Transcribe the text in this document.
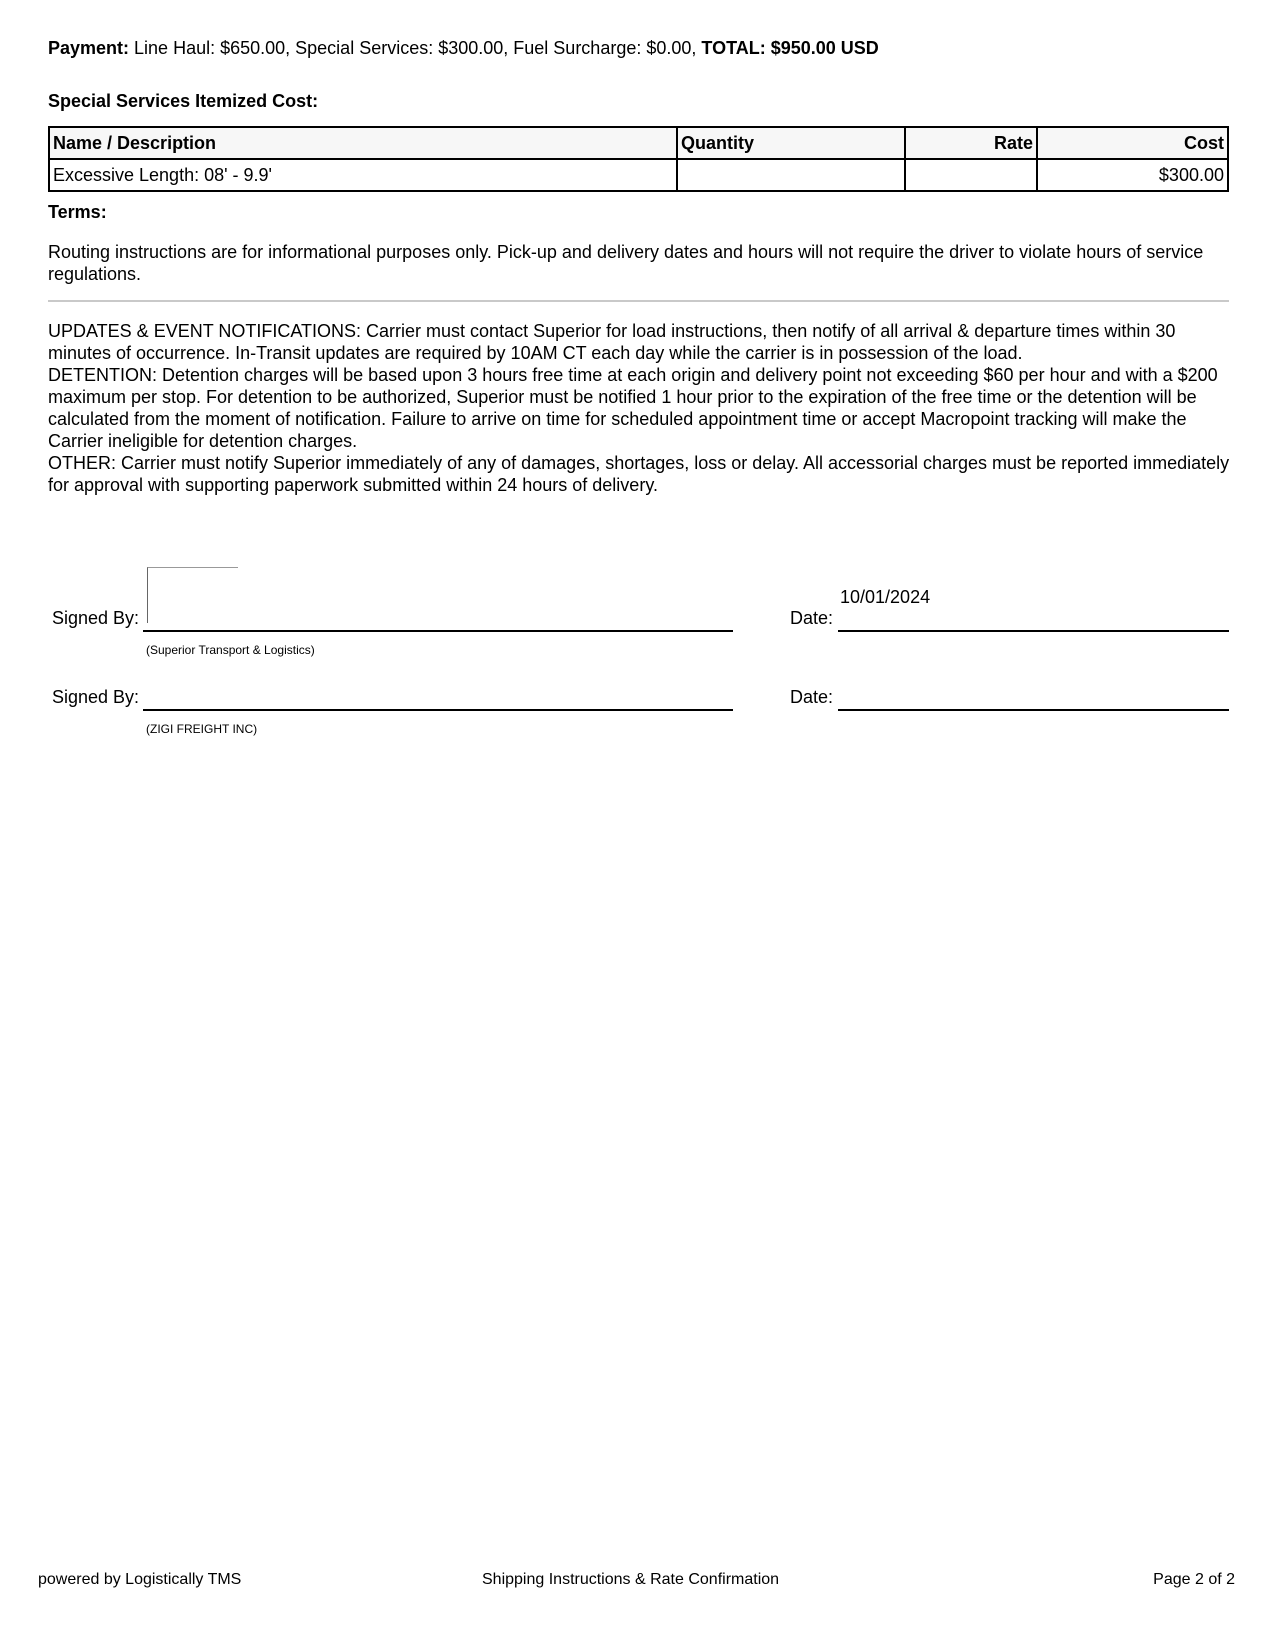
Payment: Line Haul: $650.00, Special Services: $300.00, Fuel Surcharge: $0.00, TOTAL: $950.00 USD
Special Services Itemized Cost:
Name / Description	Quantity	Rate	Cost
Excessive Length: 08' - 9.9'			$300.00
Terms:
Routing instructions are for informational purposes only. Pick-up and delivery dates and hours will not require the driver to violate hours of service regulations.

UPDATES & EVENT NOTIFICATIONS: Carrier must contact Superior for load instructions, then notify of all arrival & departure times within 30 minutes of occurrence. In-Transit updates are required by 10AM CT each day while the carrier is in possession of the load.

DETENTION: Detention charges will be based upon 3 hours free time at each origin and delivery point not exceeding $60 per hour and with a $200 maximum per stop. For detention to be authorized, Superior must be notified 1 hour prior to the expiration of the free time or the detention will be calculated from the moment of notification. Failure to arrive on time for scheduled appointment time or accept Macropoint tracking will make the Carrier ineligible for detention charges.

OTHER: Carrier must notify Superior immediately of any of damages, shortages, loss or delay. All accessorial charges must be reported immediately for approval with supporting paperwork submitted within 24 hours of delivery.

Signed By:
(Superior Transport & Logistics)
Date:
10/01/2024
Signed By:
(ZIGI FREIGHT INC)
Date:
powered by Logistically TMS	Shipping Instructions & Rate Confirmation	Page 2 of 2
